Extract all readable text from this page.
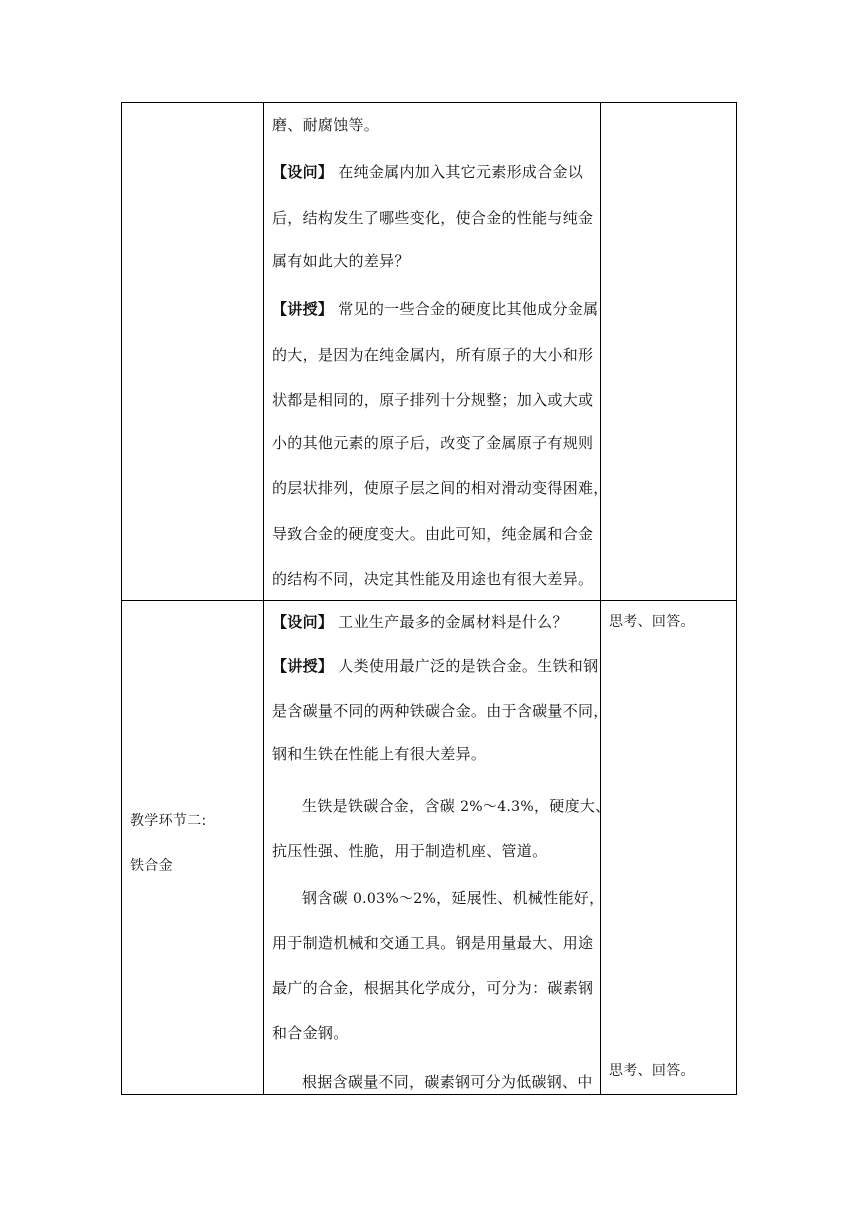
磨、耐腐蚀等。
【设问】 在纯金属内加入其它元素形成合金以
后，结构发生了哪些变化，使合金的性能与纯金
属有如此大的差异？
【讲授】 常见的一些合金的硬度比其他成分金属
的大，是因为在纯金属内，所有原子的大小和形
状都是相同的，原子排列十分规整；加入或大或
小的其他元素的原子后，改变了金属原子有规则
的层状排列，使原子层之间的相对滑动变得困难，
导致合金的硬度变大。由此可知，纯金属和合金
的结构不同，决定其性能及用途也有很大差异。
教学环节二:
铁合金
【设问】 工业生产最多的金属材料是什么？
【讲授】 人类使用最广泛的是铁合金。生铁和钢
是含碳量不同的两种铁碳合金。由于含碳量不同，
钢和生铁在性能上有很大差异。
生铁是铁碳合金，含碳 2%～4.3%，硬度大、
抗压性强、性脆，用于制造机座、管道。
钢含碳 0.03%～2%，延展性、机械性能好，
用于制造机械和交通工具。钢是用量最大、用途
最广的合金，根据其化学成分，可分为：碳素钢
和合金钢。
根据含碳量不同，碳素钢可分为低碳钢、中
思考、回答。
思考、回答。
